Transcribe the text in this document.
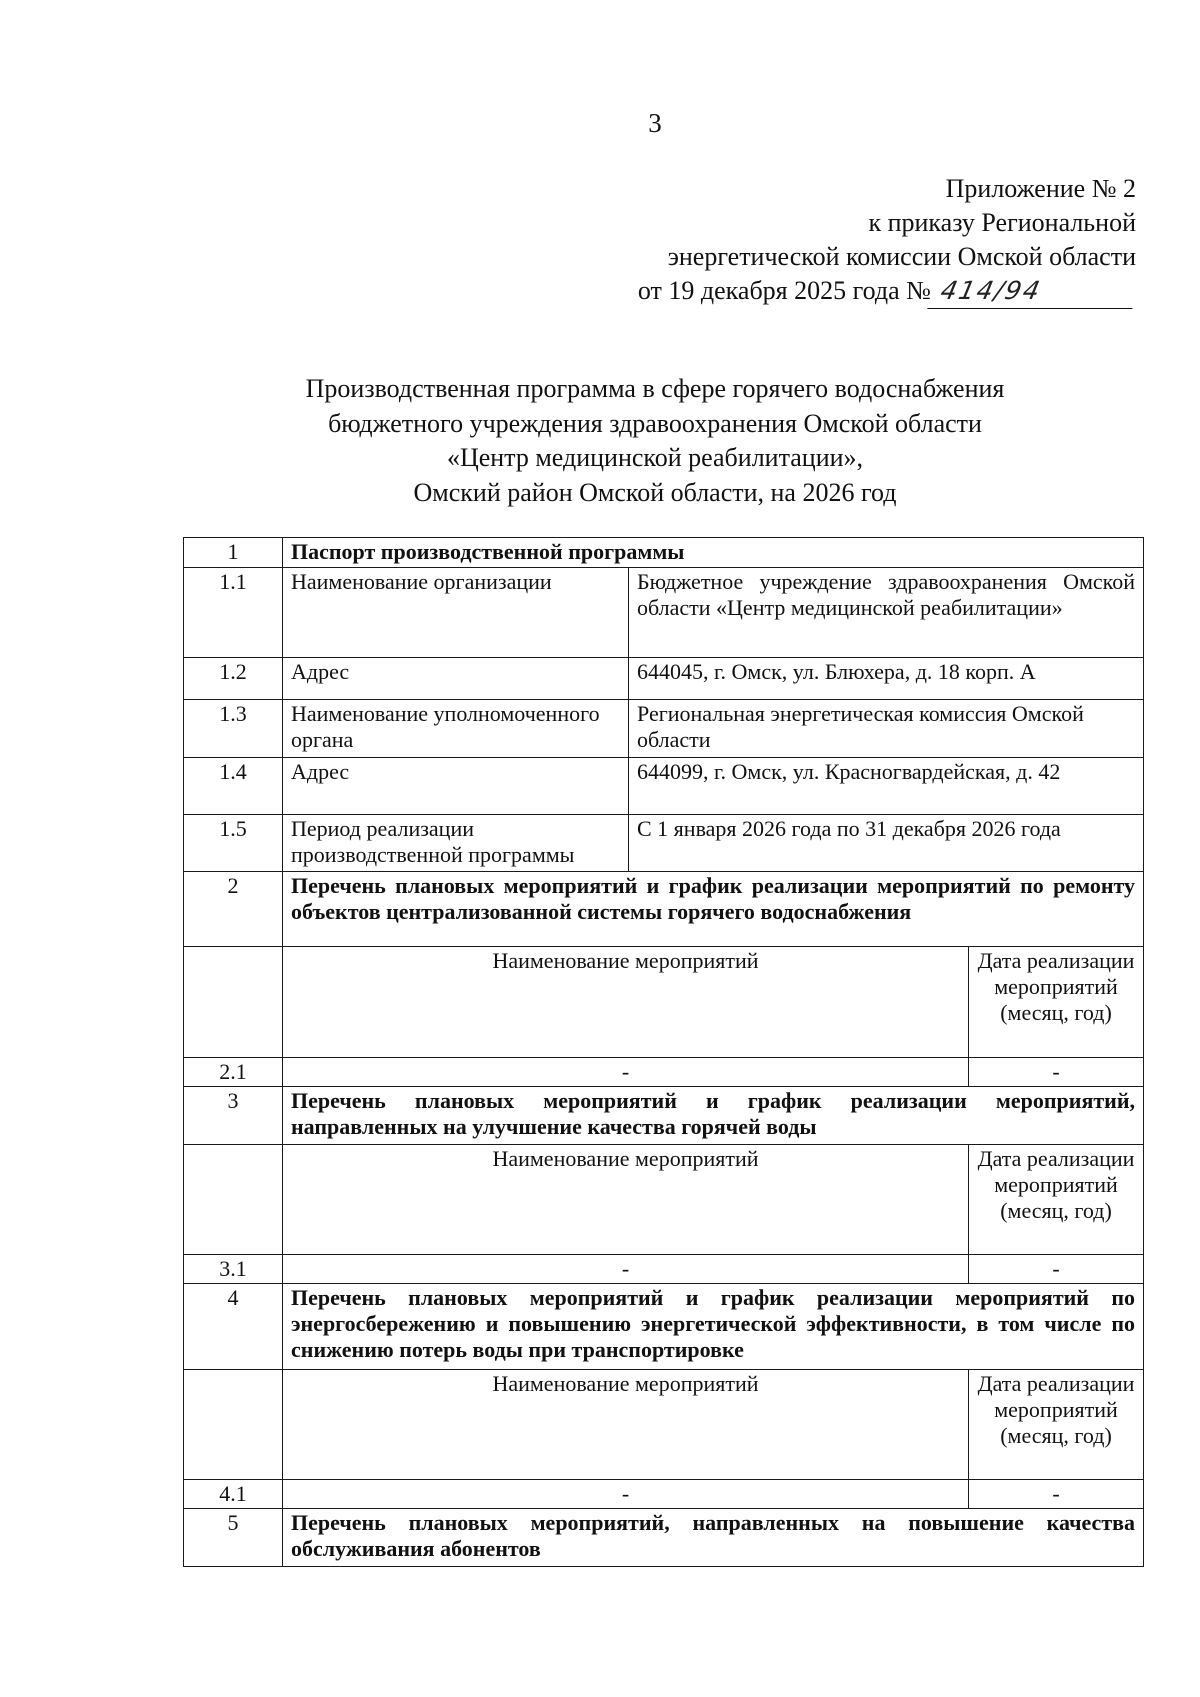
3
Приложение № 2
к приказу Региональной
энергетической комиссии Омской области
от 19 декабря 2025 года № 414/94
Производственная программа в сфере горячего водоснабжения
бюджетного учреждения здравоохранения Омской области
«Центр медицинской реабилитации»,
Омский район Омской области, на 2026 год
1	Паспорт производственной программы		
1.1	Наименование организации	Бюджетное учреждение здравоохранения Омской области «Центр медицинской реабилитации»	
1.2	Адрес	644045, г. Омск, ул. Блюхера, д. 18 корп. А	
1.3	Наименование уполномоченного органа	Региональная энергетическая комиссия Омской области	
1.4	Адрес	644099, г. Омск, ул. Красногвардейская, д. 42	
1.5	Период реализации производственной программы	С 1 января 2026 года по 31 декабря 2026 года	
2	Перечень плановых мероприятий и график реализации мероприятий по ремонту объектов централизованной системы горячего водоснабжения		
	Наименование мероприятий		Дата реализации мероприятий (месяц, год)
2.1	-		-
3	Перечень плановых мероприятий и график реализации мероприятий, направленных на улучшение качества горячей воды		
	Наименование мероприятий		Дата реализации мероприятий (месяц, год)
3.1	-		-
4	Перечень плановых мероприятий и график реализации мероприятий по энергосбережению и повышению энергетической эффективности, в том числе по снижению потерь воды при транспортировке		
	Наименование мероприятий		Дата реализации мероприятий (месяц, год)
4.1	-		-
5	Перечень плановых мероприятий, направленных на повышение качества обслуживания абонентов		
